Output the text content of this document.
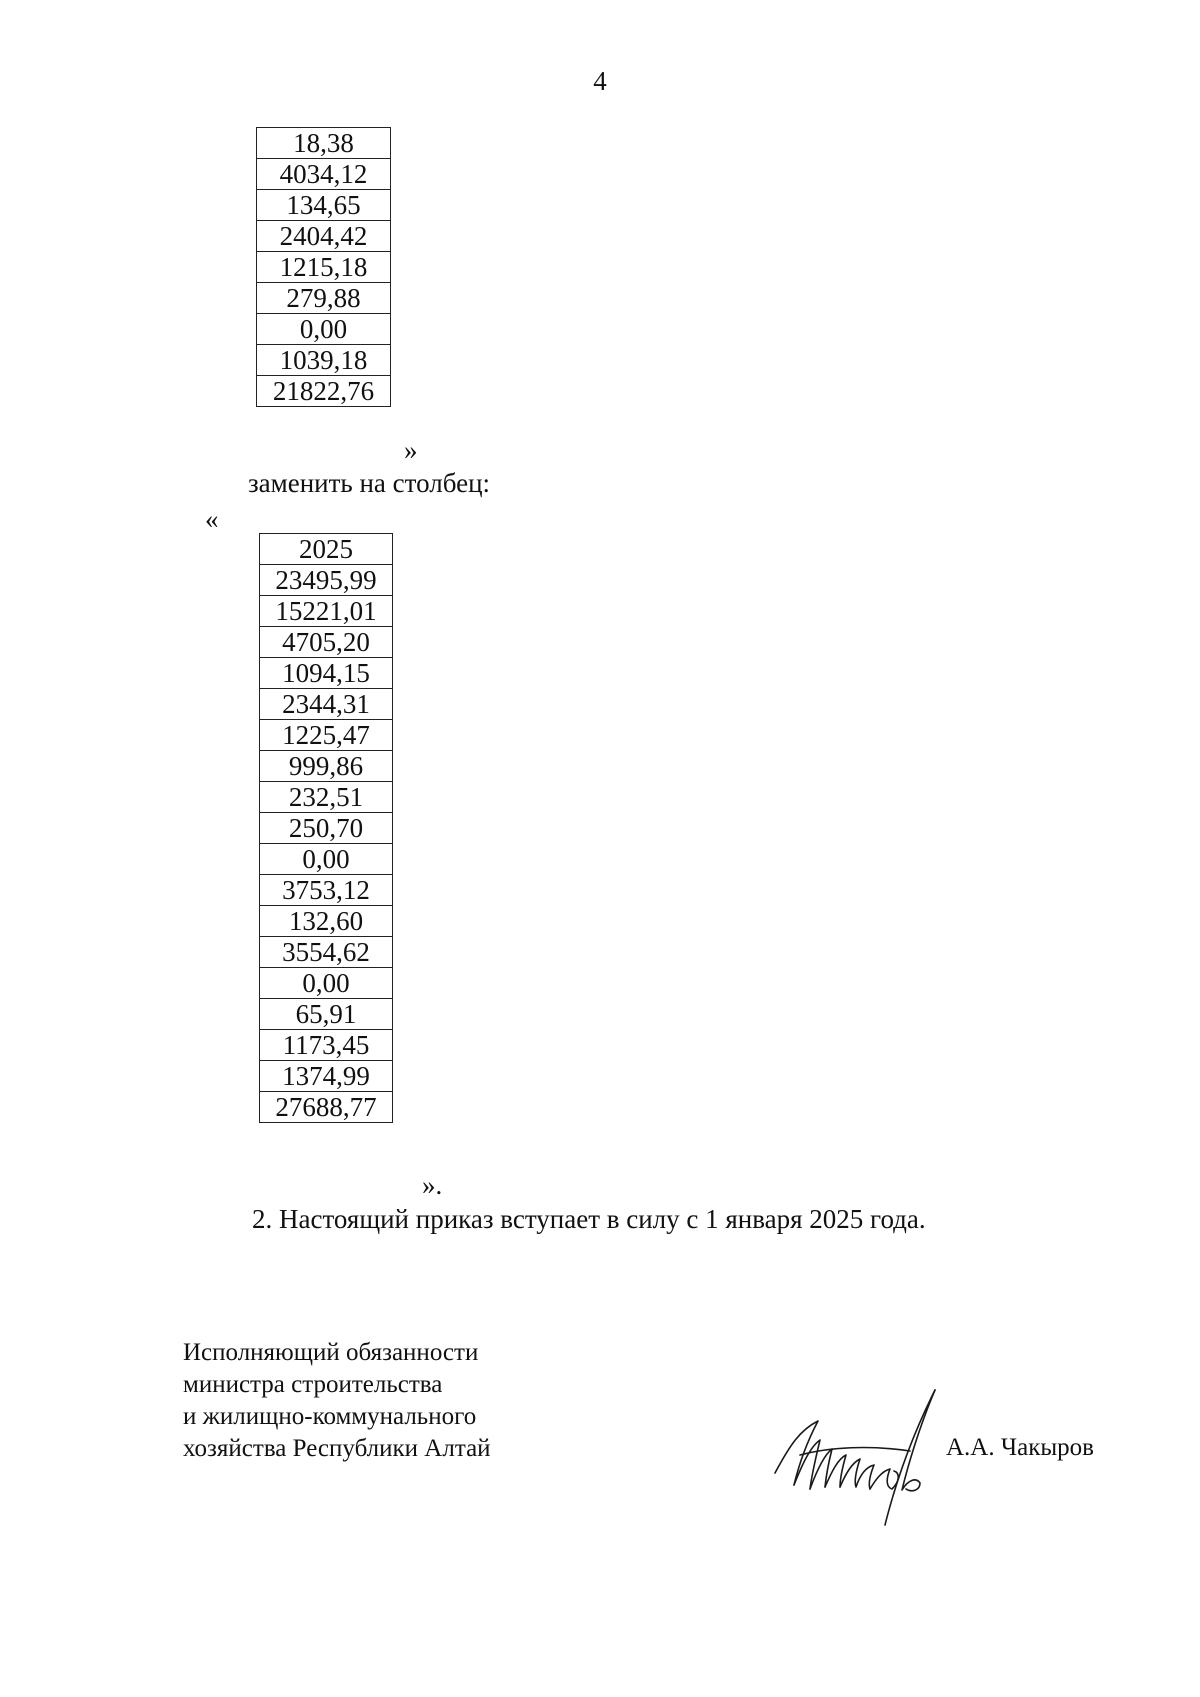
4
18,38
4034,12
134,65
2404,42
1215,18
279,88
0,00
1039,18
21822,76
»
заменить на столбец:
«
2025
23495,99
15221,01
4705,20
1094,15
2344,31
1225,47
999,86
232,51
250,70
0,00
3753,12
132,60
3554,62
0,00
65,91
1173,45
1374,99
27688,77
».
2. Настоящий приказ вступает в силу с 1 января 2025 года.
Исполняющий обязанности
министра строительства
и жилищно-коммунального
хозяйства Республики Алтай	А.А. Чакыров
